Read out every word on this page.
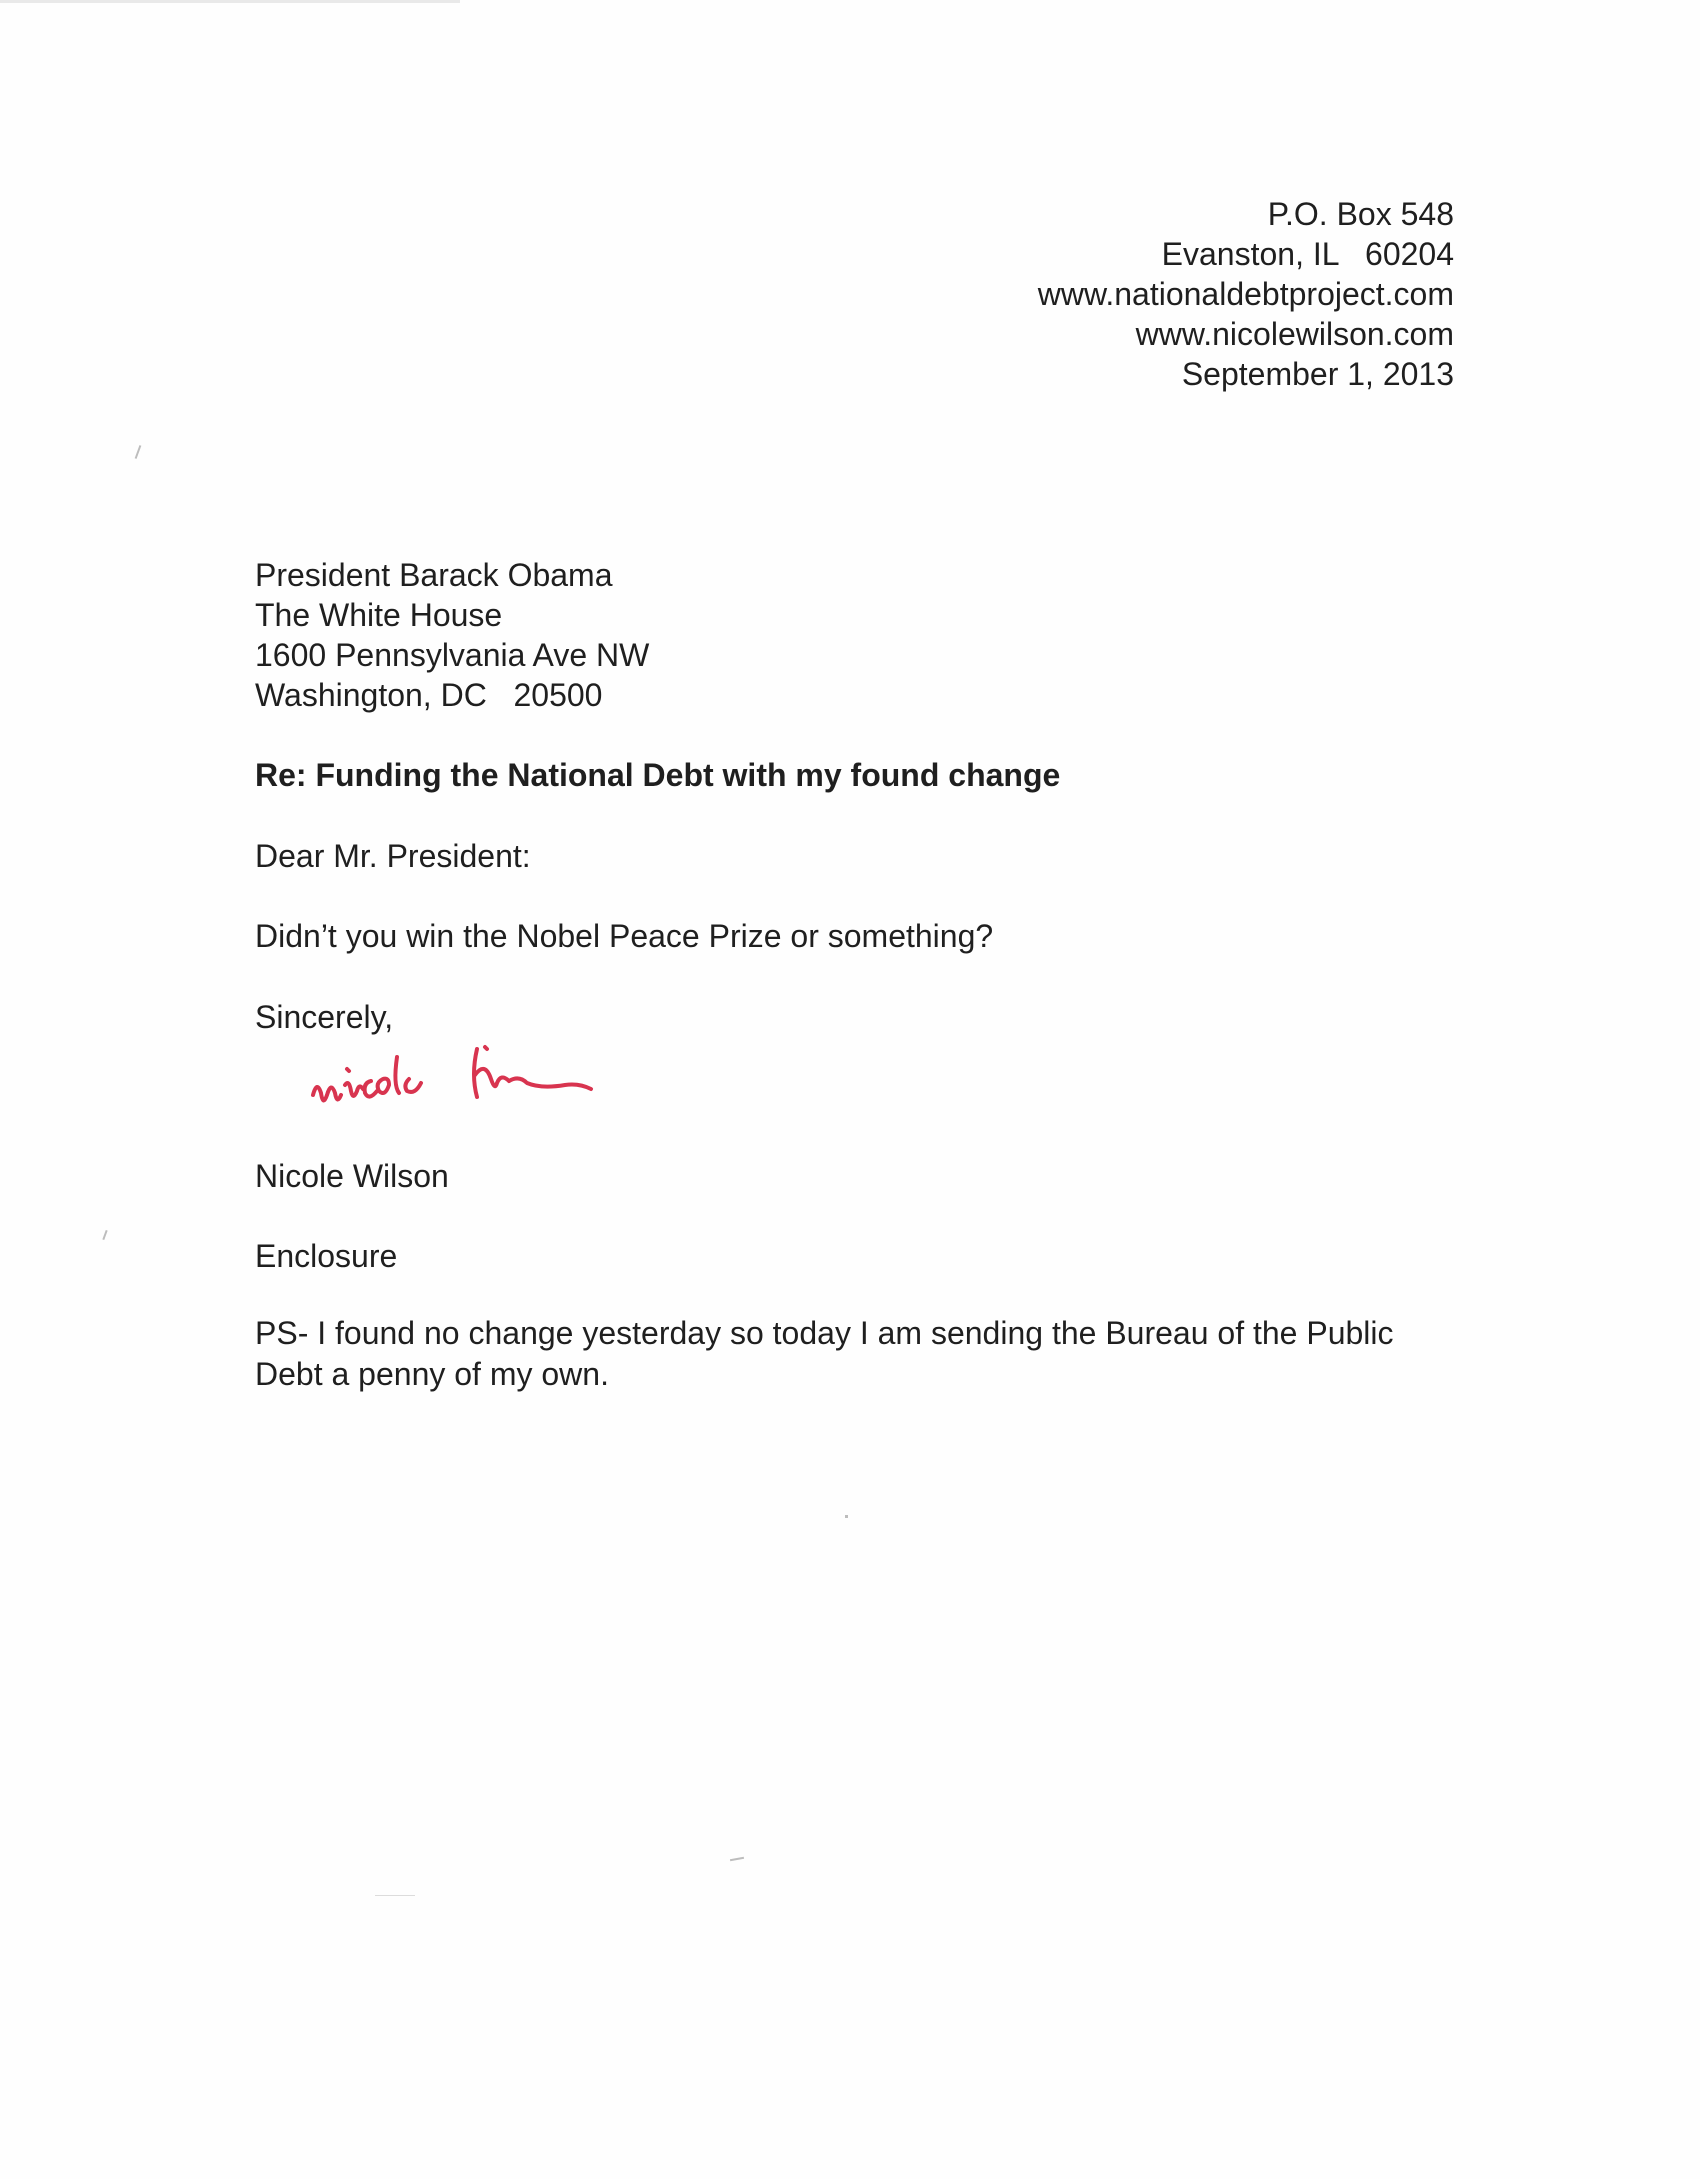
P.O. Box 548
Evanston, IL   60204
www.nationaldebtproject.com
www.nicolewilson.com
September 1, 2013
President Barack Obama
The White House
1600 Pennsylvania Ave NW
Washington, DC   20500
Re: Funding the National Debt with my found change
Dear Mr. President:
Didn’t you win the Nobel Peace Prize or something?
Sincerely,
Nicole Wilson
Enclosure
PS- I found no change yesterday so today I am sending the Bureau of the Public Debt a penny of my own.
